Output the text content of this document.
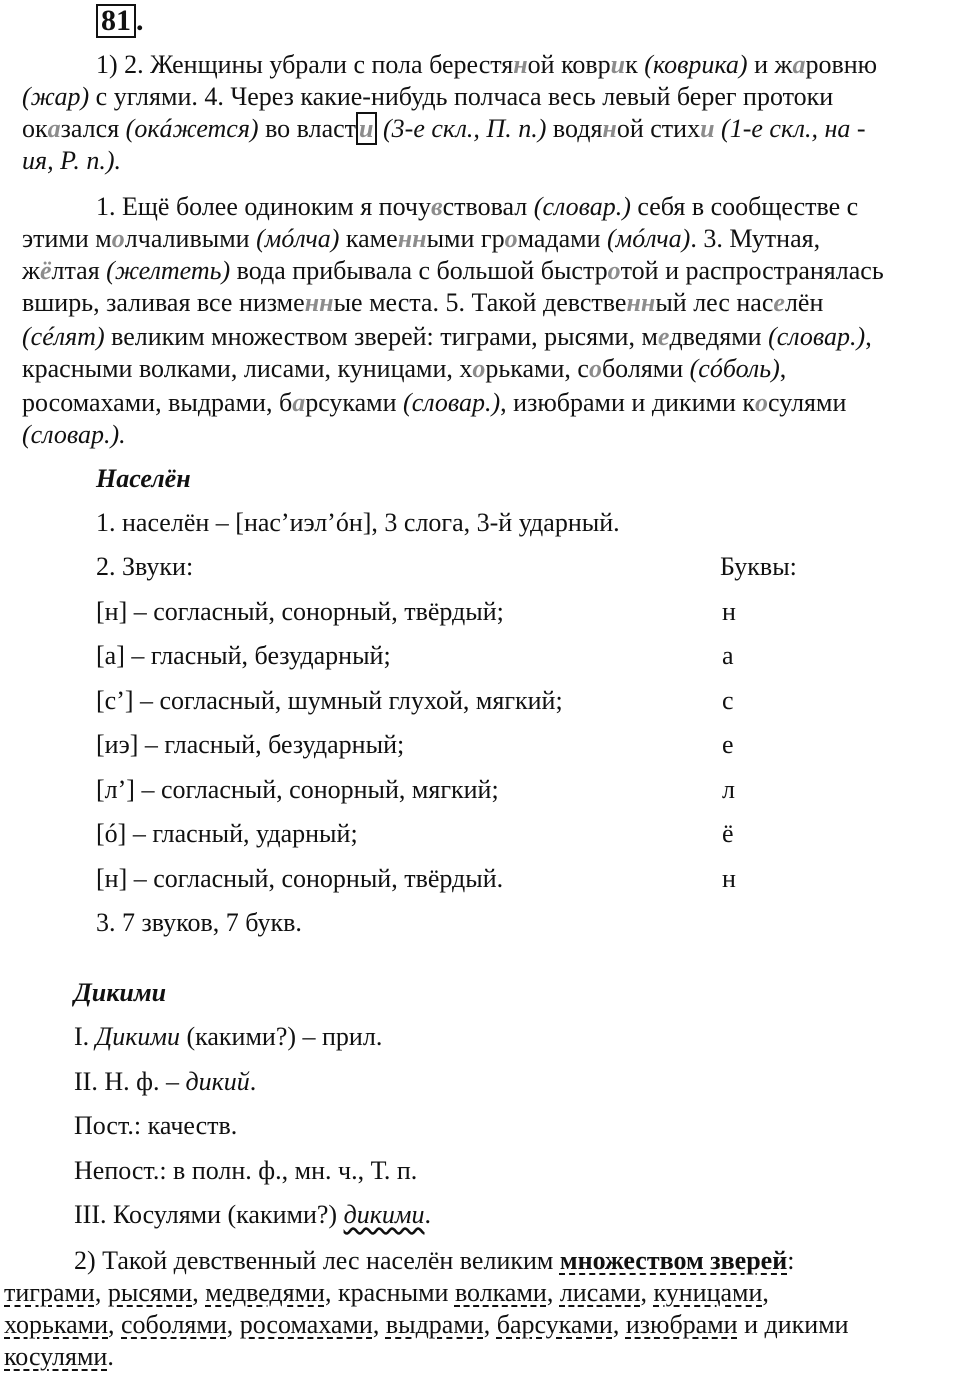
81 .
1) 2. Женщины убрали с пола берестяной коврик (коврика) и жаровню
(жар) с углями. 4. Через какие-нибудь полчаса весь левый берег протоки
оказался (окáжется) во власт и (3-е скл., П. п.) водяной стихи (1-е скл., на -
ия, Р. п.).
1. Ещё более одиноким я почувствовал (словар.) себя в сообществе с
этими молчаливыми (мóлча) каменными громадами (мóлча). 3. Мутная,
жёлтая (желтеть) вода прибывала с большой быстротой и распространялась
вширь, заливая все низменные места. 5. Такой девственный лес населён
(сéлят) великим множеством зверей: тиграми, рысями, медведями (словар.),
красными волками, лисами, куницами, хорьками, соболями (сóболь),
росомахами, выдрами, барсуками (словар.), изюбрами и дикими косулями
(словар.).
Населён
1. населён – [нас’иэл’óн], 3 слога, 3-й ударный.
2. Звуки:	Буквы:
[н] – согласный, сонорный, твёрдый;	н
[а] – гласный, безударный;	а
[с’] – согласный, шумный глухой, мягкий;	с
[иэ] – гласный, безударный;	е
[л’] – согласный, сонорный, мягкий;	л
[ó] – гласный, ударный;	ё
[н] – согласный, сонорный, твёрдый.	н
3. 7 звуков, 7 букв.
Дикими
I. Дикими (какими?) – прил.
II. Н. ф. – дикий.
Пост.: качеств.
Непост.: в полн. ф., мн. ч., Т. п.
III. Косулями (какими?) дикими.
2) Такой девственный лес населён великим множеством зверей:
тиграми, рысями, медведями, красными волками, лисами, куницами,
хорьками, соболями, росомахами, выдрами, барсуками, изюбрами и дикими
косулями.
